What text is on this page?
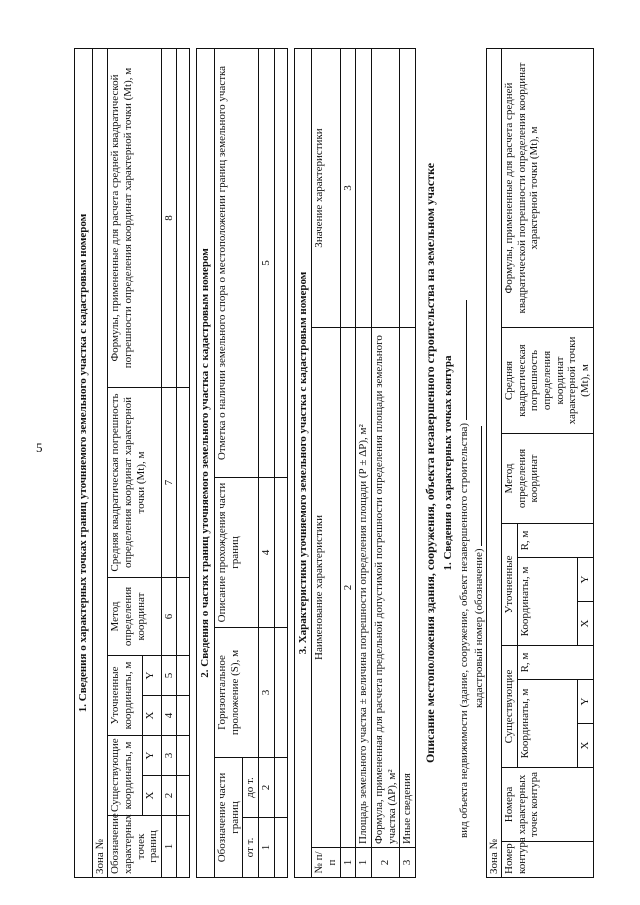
5	1. Сведения о характерных точках границ уточняемого земельного участка с кадастровым номером							
Зона №							
Обозначение характерных точек границ	Существующие координаты, м		Уточненные координаты, м		Метод определения координат	Средняя квадратическая погрешность определения координат характерной точки (Mt), м	Формулы, примененные для расчета средней квадратической погрешности определения координат характерной точки (Mt), м
	X	Y	X	Y			
1	2	3	4	5	6	7	8

2. Сведения о частях границ уточняемого земельного участка с кадастровым номером				
Обозначение части границ		Горизонтальное проложение (S), м	Описание прохождения части границ	Отметка о наличии земельного спора о местоположении границ земельного участка
от т.	до т.			
1	2	3	4	5

3. Характеристики уточняемого земельного участка с кадастровым номером		
№ п/п	Наименование характеристики	Значение характеристики
1	2	3
1	Площадь земельного участка ± величина погрешности определения площади (Р ± ΔР), м²	
2	Формула, примененная для расчета предельной допустимой погрешности определения площади земельного участка (ΔР), м²	
3	Иные сведения	
Описание местоположения здания, сооружения, объекта незавершенного строительства на земельном участке 1. Сведения о характерных точках контура вид объекта недвижимости (здание, сооружение, объект незавершенного строительства) кадастровый номер (обозначение)
Зона №										
Номер контура	Номера характерных точек контура	Существующие			Уточненные			Метод определения координат	Средняя квадратическая погрешность определения координат характерной точки (Mt), м	Формулы, примененные для расчета средней квадратической погрешности определения координат характерной точки (Mt), м
		Координаты, м		R, м	Координаты, м		R, м			
		X	Y		X	Y				
